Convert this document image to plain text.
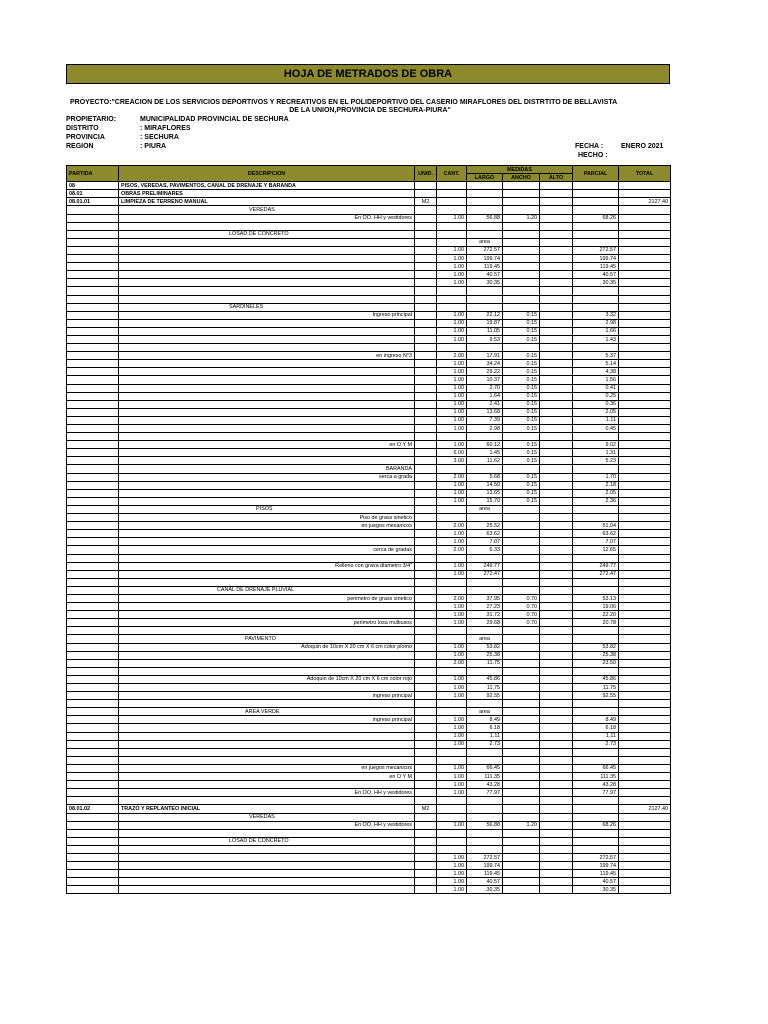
HOJA DE METRADOS DE OBRA
PROYECTO:"CREACION DE LOS SERVICIOS DEPORTIVOS Y RECREATIVOS EN EL POLIDEPORTIVO DEL CASERIO MIRAFLORES DEL DISTRTITO DE BELLAVISTA
DE LA UNION,PROVINCIA DE SECHURA-PIURA"
PROPIETARIO:	MUNICIPALIDAD PROVINCIAL DE SECHURA
DISTRITO	: MIRAFLORES
PROVINCIA	: SECHURA
REGION	: PIURA	FECHA :	ENERO 2021
HECHO :
PARTIDA	DESCRIPCION	UNID.	CANT.	MEDIDAS			PARCIAL	TOTAL
				LARGO	ANCHO	ALTO		
08	PISOS, VEREDAS, PAVIMENTOS, CANAL DE DRENAJE Y BARANDA							
08.01	OBRAS PRELIMINARES							
08.01.01	LIMPIEZA DE TERRENO MANUAL	M2						2127.40
	VEREDAS							
	En OO. HH y vestidores		1.00	56.88	1.20		68.26	

	LOSAD DE CONCRETO							
				area				
			1.00	272.57			272.57	
			1.00	199.74			199.74	
			1.00	119.45			119.45	
			1.00	40.57			40.57	
			1.00	30.35			30.35	

	SARDINELES							
	Ingreso principal		1.00	22.12	0.15		3.32	
			1.00	19.87	0.15		2.98	
			1.00	11.05	0.15		1.66	
			1.00	9.53	0.15		1.43	

	en ingreso N°3		2.00	17.91	0.15		5.37	
			1.00	34.24	0.15		5.14	
			1.00	29.22	0.15		4.38	
			1.00	10.37	0.15		1.56	
			1.00	2.70	0.15		0.41	
			1.00	1.64	0.15		0.25	
			1.00	2.41	0.15		0.36	
			1.00	13.68	0.15		2.05	
			1.00	7.39	0.15		1.11	
			1.00	2.98	0.15		0.45	

	en O Y M		1.00	60.12	0.15		9.02	
			6.00	1.45	0.15		1.31	
			3.00	11.62	0.15		5.23	
	BARANDA							
	serca a grada		2.00	5.68	0.15		1.70	
			1.00	14.50	0.15		2.18	
			1.00	13.65	0.15		2.05	
			1.00	15.70	0.15		2.36	
	PISOS			area				
	Piso de grass sinetico							
	en juegos mecanicos		2.00	25.52			51.04	
			1.00	63.62			63.62	
			1.00	7.07			7.07	
	cerca de gradas		2.00	6.33			12.65	

	Relleno con grava diametro 3/4"		1.00	249.77			249.77	
			1.00	272.47			272.47	

	CANAL DE DRENAJE PLUVIAL							
	perimetro de grass sinetico		2.00	37.95	0.70		53.13	
			1.00	27.23	0.70		19.06	
			1.00	31.72	0.70		22.20	
	perimetro losa multiusos		1.00	29.68	0.70		20.78	

	PAVIMENTO			area				
	Adoquin de 10cm X 20 cm X 6 cm color plomo		1.00	53.82			53.82	
			1.00	25.38			25.38	
			2.00	11.75			23.50	

	Adoquin de 10cm X 20 cm X 6 cm color rojo		1.00	45.86			45.86	
			1.00	11.75			11.75	
	ingreso principal		1.00	92.55			92.55	

	AREA VERDE			area				
	ingreso principal		1.00	8.49			8.49	
			1.00	6.18			6.18	
			1.00	1.11			1.11	
			1.00	2.73			2.73	

	en juegos mecanicos		1.00	66.45			66.45	
	en O Y M		1.00	111.35			111.35	
			1.00	43.28			43.28	
	En OO. HH y vestidores		1.00	77.97			77.97	

08.01.02	TRAZO Y REPLANTEO INICIAL	M2						2127.40
	VEREDAS							
	En OO. HH y vestidores		1.00	56.88	1.20		68.26	

	LOSAD DE CONCRETO							

			1.00	272.57			272.57	
			1.00	199.74			199.74	
			1.00	119.45			119.45	
			1.00	40.57			40.57	
			1.00	30.35			30.35	
